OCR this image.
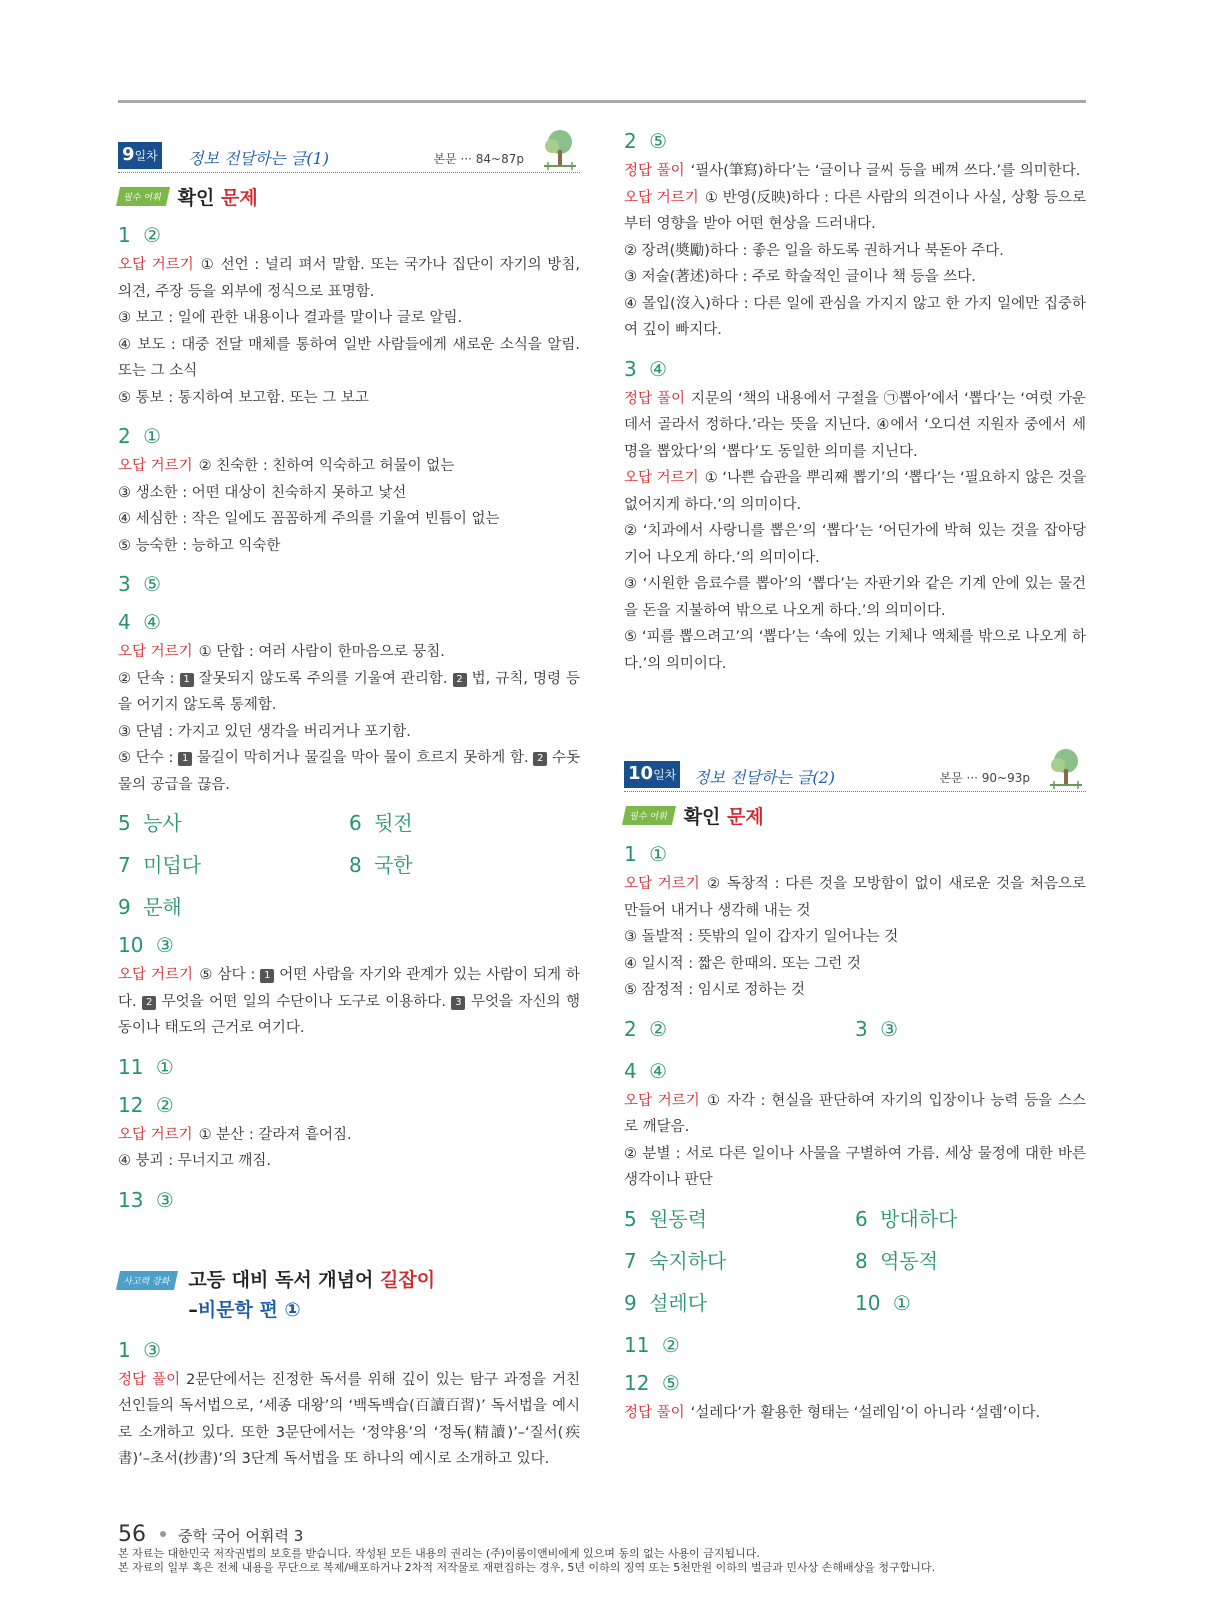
9일차 정보 전달하는 글(1)	본문 ··· 84~87p
필수 어휘 확인 문제
1 ②

오답 거르기 ① 선언 : 널리 펴서 말함. 또는 국가나 집단이 자기의 방침, 의견, 주장 등을 외부에 정식으로 표명함.

③ 보고 : 일에 관한 내용이나 결과를 말이나 글로 알림.

④ 보도 : 대중 전달 매체를 통하여 일반 사람들에게 새로운 소식을 알림. 또는 그 소식

⑤ 통보 : 통지하여 보고함. 또는 그 보고

2 ①

오답 거르기 ② 친숙한 : 친하여 익숙하고 허물이 없는

③ 생소한 : 어떤 대상이 친숙하지 못하고 낯선

④ 세심한 : 작은 일에도 꼼꼼하게 주의를 기울여 빈틈이 없는

⑤ 능숙한 : 능하고 익숙한

3 ⑤
4 ④

오답 거르기 ① 단합 : 여러 사람이 한마음으로 뭉침.

② 단속 : 1 잘못되지 않도록 주의를 기울여 관리함. 2 법, 규칙, 명령 등을 어기지 않도록 통제함.

③ 단념 : 가지고 있던 생각을 버리거나 포기함.

⑤ 단수 : 1 물길이 막히거나 물길을 막아 물이 흐르지 못하게 함. 2 수돗물의 공급을 끊음.

5 능사	6 뒷전
7 미덥다	8 국한
9 문해
10 ③

오답 거르기 ⑤ 삼다 : 1 어떤 사람을 자기와 관계가 있는 사람이 되게 하다. 2 무엇을 어떤 일의 수단이나 도구로 이용하다. 3 무엇을 자신의 행동이나 태도의 근거로 여기다.

11 ①
12 ②

오답 거르기 ① 분산 : 갈라져 흩어짐.

④ 붕괴 : 무너지고 깨짐.

13 ③
사고력 강화 고등 대비 독서 개념어 길잡이
–비문학 편 ①
1 ③

정답 풀이 2문단에서는 진정한 독서를 위해 깊이 있는 탐구 과정을 거친 선인들의 독서법으로, ‘세종 대왕’의 ‘백독백습(百讀百習)’ 독서법을 예시로 소개하고 있다. 또한 3문단에서는 ‘정약용’의 ‘정독(精讀)’–‘질서(疾書)’–초서(抄書)’의 3단계 독서법을 또 하나의 예시로 소개하고 있다.

2 ⑤

정답 풀이 ‘필사(筆寫)하다’는 ‘글이나 글씨 등을 베껴 쓰다.’를 의미한다.

오답 거르기 ① 반영(反映)하다 : 다른 사람의 의견이나 사실, 상황 등으로부터 영향을 받아 어떤 현상을 드러내다.

② 장려(奬勵)하다 : 좋은 일을 하도록 권하거나 북돋아 주다.

③ 저술(著述)하다 : 주로 학술적인 글이나 책 등을 쓰다.

④ 몰입(沒入)하다 : 다른 일에 관심을 가지지 않고 한 가지 일에만 집중하여 깊이 빠지다.

3 ④

정답 풀이 지문의 ‘책의 내용에서 구절을 ㉠뽑아’에서 ‘뽑다’는 ‘여럿 가운데서 골라서 정하다.’라는 뜻을 지닌다. ④에서 ‘오디션 지원자 중에서 세 명을 뽑았다’의 ‘뽑다’도 동일한 의미를 지닌다.

오답 거르기 ① ‘나쁜 습관을 뿌리째 뽑기’의 ‘뽑다’는 ‘필요하지 않은 것을 없어지게 하다.’의 의미이다.

② ‘치과에서 사랑니를 뽑은’의 ‘뽑다’는 ‘어딘가에 박혀 있는 것을 잡아당기어 나오게 하다.’의 의미이다.

③ ‘시원한 음료수를 뽑아’의 ‘뽑다’는 자판기와 같은 기계 안에 있는 물건을 돈을 지불하여 밖으로 나오게 하다.’의 의미이다.

⑤ ‘피를 뽑으려고’의 ‘뽑다’는 ‘속에 있는 기체나 액체를 밖으로 나오게 하다.’의 의미이다.

10일차 정보 전달하는 글(2)	본문 ··· 90~93p
필수 어휘 확인 문제
1 ①

오답 거르기 ② 독창적 : 다른 것을 모방함이 없이 새로운 것을 처음으로 만들어 내거나 생각해 내는 것

③ 돌발적 : 뜻밖의 일이 갑자기 일어나는 것

④ 일시적 : 짧은 한때의. 또는 그런 것

⑤ 잠정적 : 임시로 정하는 것

2 ②	3 ③
4 ④

오답 거르기 ① 자각 : 현실을 판단하여 자기의 입장이나 능력 등을 스스로 깨달음.

② 분별 : 서로 다른 일이나 사물을 구별하여 가름. 세상 물정에 대한 바른 생각이나 판단

5 원동력	6 방대하다
7 숙지하다	8 역동적
9 설레다	10 ①
11 ②
12 ⑤

정답 풀이 ‘설레다’가 활용한 형태는 ‘설레임’이 아니라 ‘설렘’이다.

56 중학 국어 어휘력 3
본 자료는 대한민국 저작권법의 보호를 받습니다. 작성된 모든 내용의 권리는 (주)이룸이앤비에게 있으며 동의 없는 사용이 금지됩니다.
본 자료의 일부 혹은 전체 내용을 무단으로 복제/배포하거나 2차적 저작물로 재편집하는 경우, 5년 이하의 징역 또는 5천만원 이하의 벌금과 민사상 손해배상을 청구합니다.
